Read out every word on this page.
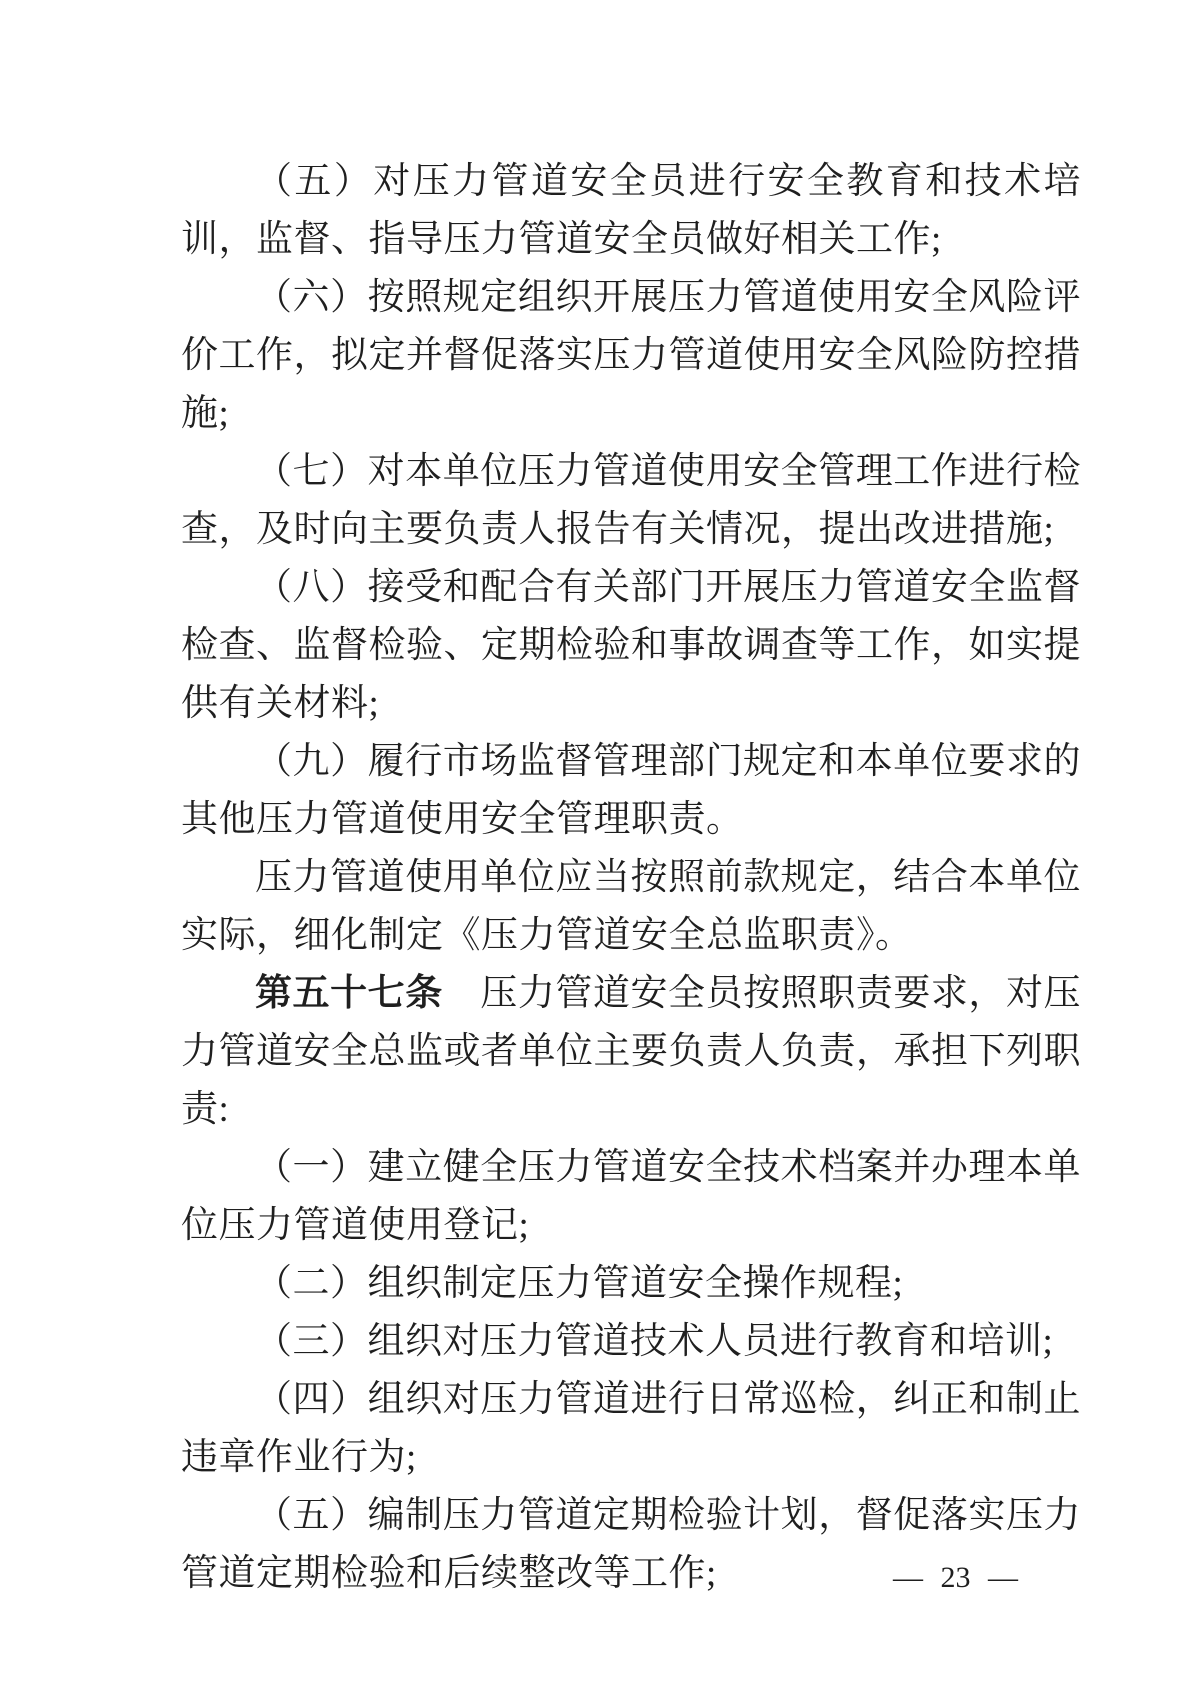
（五）对压力管道安全员进行安全教育和技术培训，监督、指导压力管道安全员做好相关工作;

（六）按照规定组织开展压力管道使用安全风险评价工作，拟定并督促落实压力管道使用安全风险防控措施;

（七）对本单位压力管道使用安全管理工作进行检查，及时向主要负责人报告有关情况，提出改进措施;

（八）接受和配合有关部门开展压力管道安全监督检查、监督检验、定期检验和事故调查等工作，如实提供有关材料;

（九）履行市场监督管理部门规定和本单位要求的其他压力管道使用安全管理职责。

压力管道使用单位应当按照前款规定，结合本单位实际，细化制定《压力管道安全总监职责》。

第五十七条　压力管道安全员按照职责要求，对压力管道安全总监或者单位主要负责人负责，承担下列职责:

（一）建立健全压力管道安全技术档案并办理本单位压力管道使用登记;

（二）组织制定压力管道安全操作规程;

（三）组织对压力管道技术人员进行教育和培训;

（四）组织对压力管道进行日常巡检，纠正和制止违章作业行为;

（五）编制压力管道定期检验计划，督促落实压力管道定期检验和后续整改等工作;	— 23 —
